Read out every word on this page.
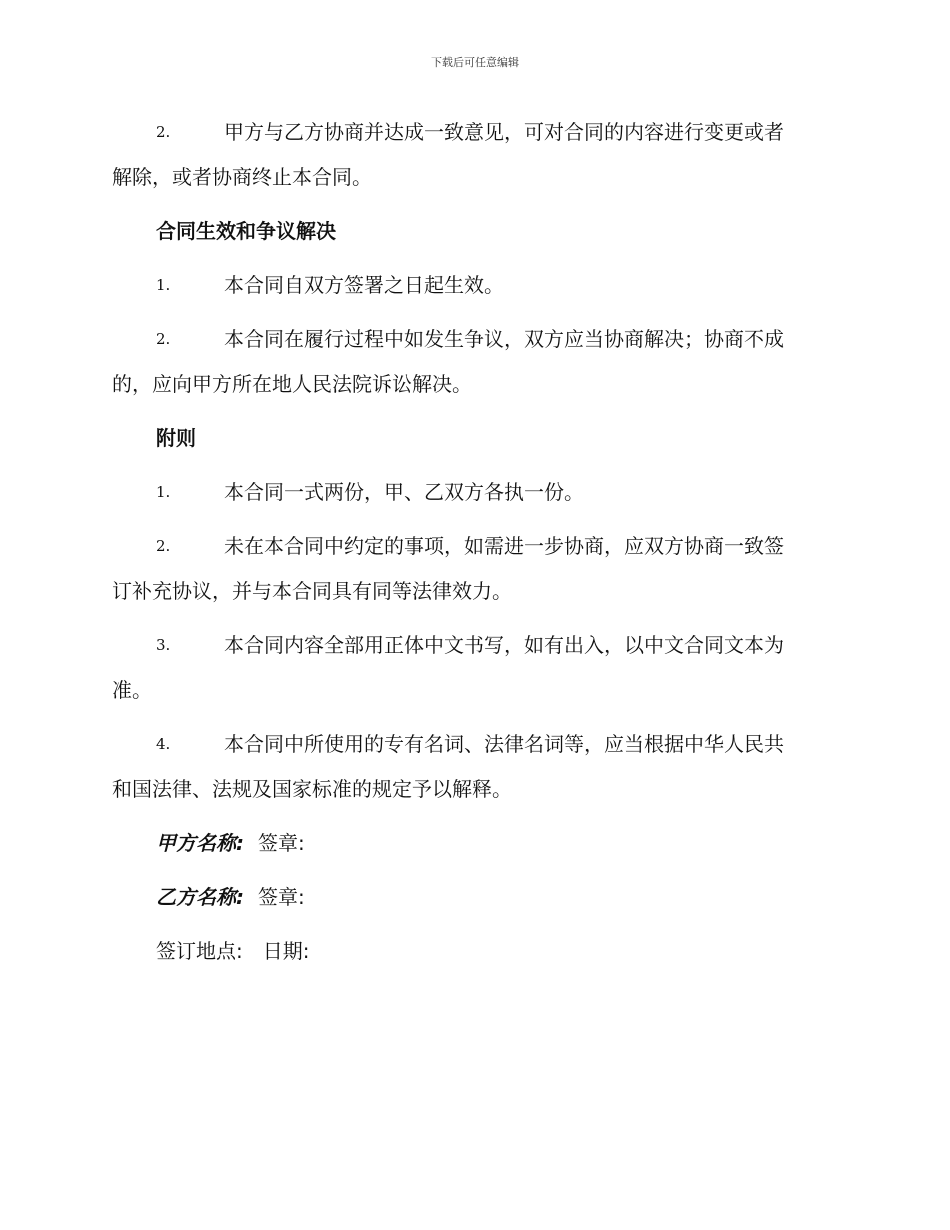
下载后可任意编辑
2.	甲方与乙方协商并达成一致意见，可对合同的内容进行变更或者
解除，或者协商终止本合同。
合同生效和争议解决
1.	本合同自双方签署之日起生效。
2.	本合同在履行过程中如发生争议，双方应当协商解决；协商不成
的，应向甲方所在地人民法院诉讼解决。
附则
1.	本合同一式两份，甲、乙双方各执一份。
2.	未在本合同中约定的事项，如需进一步协商，应双方协商一致签
订补充协议，并与本合同具有同等法律效力。
3.	本合同内容全部用正体中文书写，如有出入，以中文合同文本为
准。
4.	本合同中所使用的专有名词、法律名词等，应当根据中华人民共
和国法律、法规及国家标准的规定予以解释。
甲方名称: 签章:
乙方名称: 签章:
签订地点: 日期:
